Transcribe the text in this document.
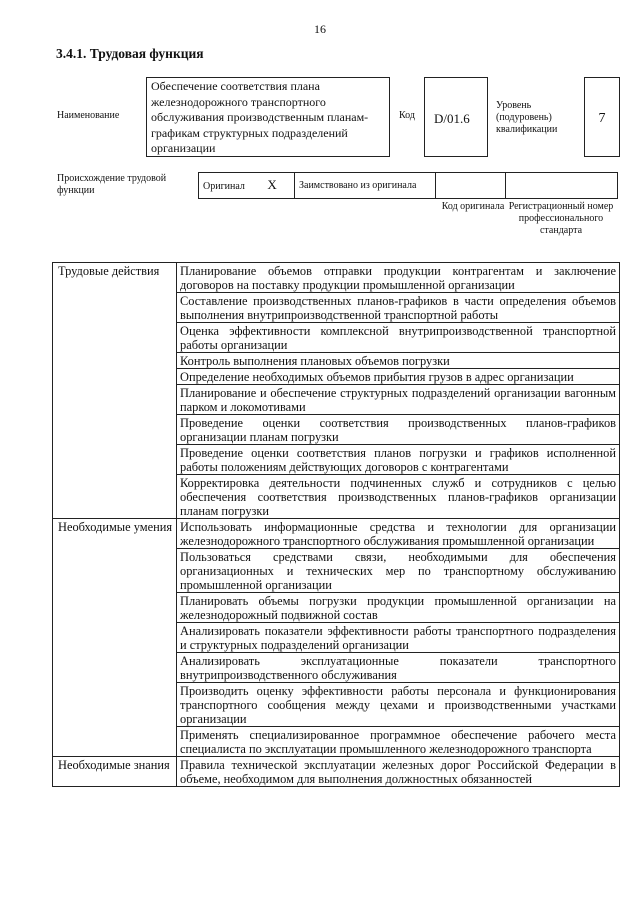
16
3.4.1. Трудовая функция
Наименование
Обеспечение соответствия плана железнодорожного транспортного обслуживания производственным планам-графикам структурных подразделений организации
Код D/01.6
Уровень (подуровень) квалификации
7
Происхождение трудовой функции	Оригинал X	Заимствовано из оригинала		
Код оригинала Регистрационный номер профессионального стандарта
Трудовые действия	Планирование объемов отправки продукции контрагентам и заключение договоров на поставку продукции промышленной организации
	Составление производственных планов-графиков в части определения объемов выполнения внутрипроизводственной транспортной работы
	Оценка эффективности комплексной внутрипроизводственной транспортной работы организации
	Контроль выполнения плановых объемов погрузки
	Определение необходимых объемов прибытия грузов в адрес организации
	Планирование и обеспечение структурных подразделений организации вагонным парком и локомотивами
	Проведение оценки соответствия производственных планов-графиков организации планам погрузки
	Проведение оценки соответствия планов погрузки и графиков исполненной работы положениям действующих договоров с контрагентами
	Корректировка деятельности подчиненных служб и сотрудников с целью обеспечения соответствия производственных планов-графиков организации планам погрузки
Необходимые умения	Использовать информационные средства и технологии для организации железнодорожного транспортного обслуживания промышленной организации
	Пользоваться средствами связи, необходимыми для обеспечения организационных и технических мер по транспортному обслуживанию промышленной организации
	Планировать объемы погрузки продукции промышленной организации на железнодорожный подвижной состав
	Анализировать показатели эффективности работы транспортного подразделения и структурных подразделений организации
	Анализировать эксплуатационные показатели транспортного внутрипроизводственного обслуживания
	Производить оценку эффективности работы персонала и функционирования транспортного сообщения между цехами и производственными участками организации
	Применять специализированное программное обеспечение рабочего места специалиста по эксплуатации промышленного железнодорожного транспорта
Необходимые знания	Правила технической эксплуатации железных дорог Российской Федерации в объеме, необходимом для выполнения должностных обязанностей
